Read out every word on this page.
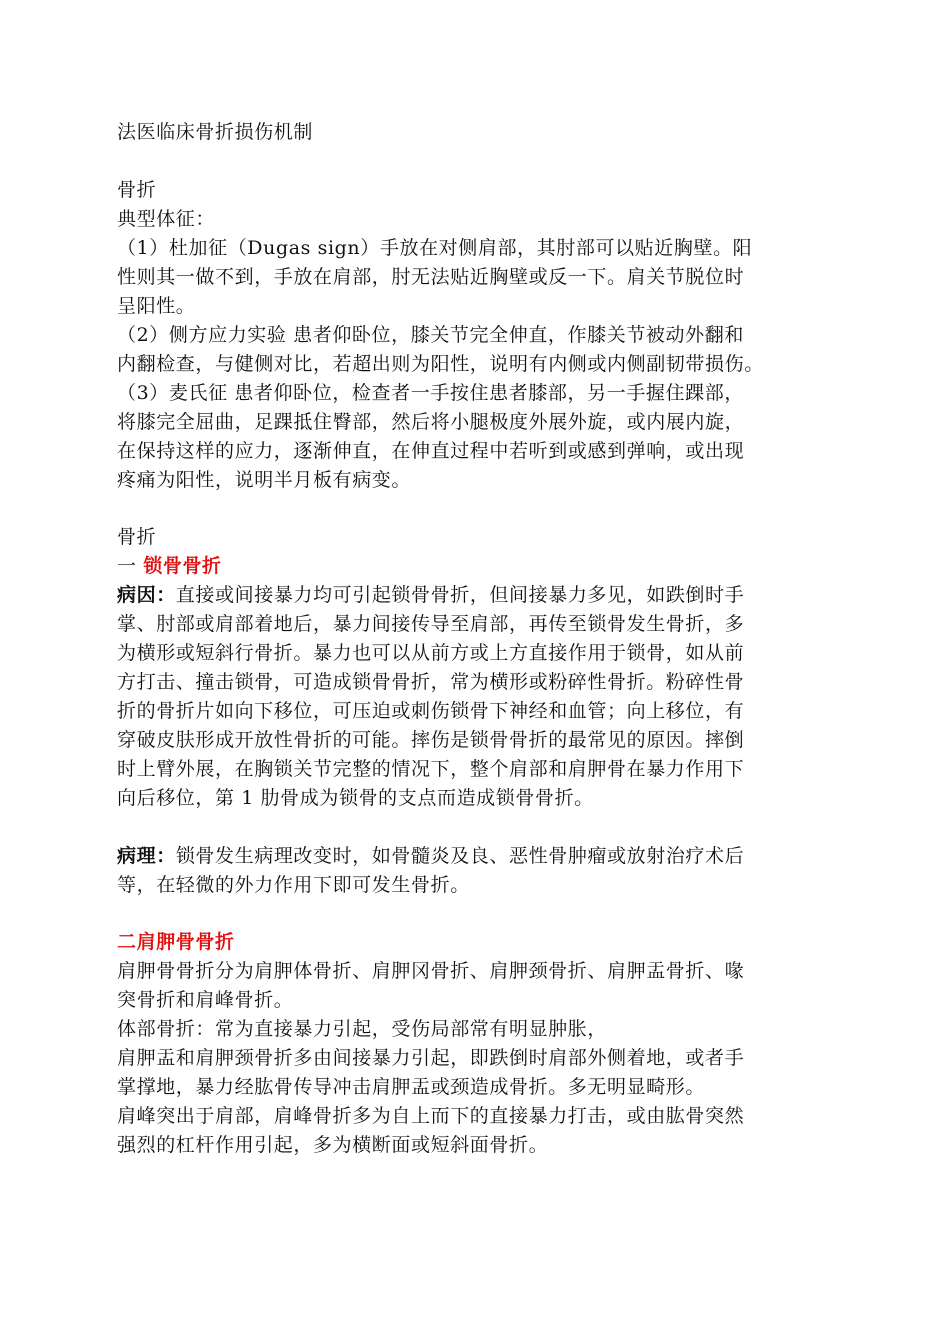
法医临床骨折损伤机制
骨折
典型体征：
（1）杜加征（Dugas sign）手放在对侧肩部，其肘部可以贴近胸壁。阳
性则其一做不到，手放在肩部，肘无法贴近胸壁或反一下。肩关节脱位时
呈阳性。
（2）侧方应力实验 患者仰卧位，膝关节完全伸直，作膝关节被动外翻和
内翻检查，与健侧对比，若超出则为阳性，说明有内侧或内侧副韧带损伤。
（3）麦氏征 患者仰卧位，检查者一手按住患者膝部，另一手握住踝部，
将膝完全屈曲，足踝抵住臀部，然后将小腿极度外展外旋，或内展内旋，
在保持这样的应力，逐渐伸直，在伸直过程中若听到或感到弹响，或出现
疼痛为阳性，说明半月板有病变。
骨折
一 锁骨骨折
病因：直接或间接暴力均可引起锁骨骨折，但间接暴力多见，如跌倒时手
掌、肘部或肩部着地后，暴力间接传导至肩部，再传至锁骨发生骨折，多
为横形或短斜行骨折。暴力也可以从前方或上方直接作用于锁骨，如从前
方打击、撞击锁骨，可造成锁骨骨折，常为横形或粉碎性骨折。粉碎性骨
折的骨折片如向下移位，可压迫或刺伤锁骨下神经和血管；向上移位，有
穿破皮肤形成开放性骨折的可能。摔伤是锁骨骨折的最常见的原因。摔倒
时上臂外展，在胸锁关节完整的情况下，整个肩部和肩胛骨在暴力作用下
向后移位，第 1 肋骨成为锁骨的支点而造成锁骨骨折。
病理：锁骨发生病理改变时，如骨髓炎及良、恶性骨肿瘤或放射治疗术后
等，在轻微的外力作用下即可发生骨折。
二肩胛骨骨折
肩胛骨骨折分为肩胛体骨折、肩胛冈骨折、肩胛颈骨折、肩胛盂骨折、喙
突骨折和肩峰骨折。
体部骨折：常为直接暴力引起，受伤局部常有明显肿胀，
肩胛盂和肩胛颈骨折多由间接暴力引起，即跌倒时肩部外侧着地，或者手
掌撑地，暴力经肱骨传导冲击肩胛盂或颈造成骨折。多无明显畸形。
肩峰突出于肩部，肩峰骨折多为自上而下的直接暴力打击，或由肱骨突然
强烈的杠杆作用引起，多为横断面或短斜面骨折。
